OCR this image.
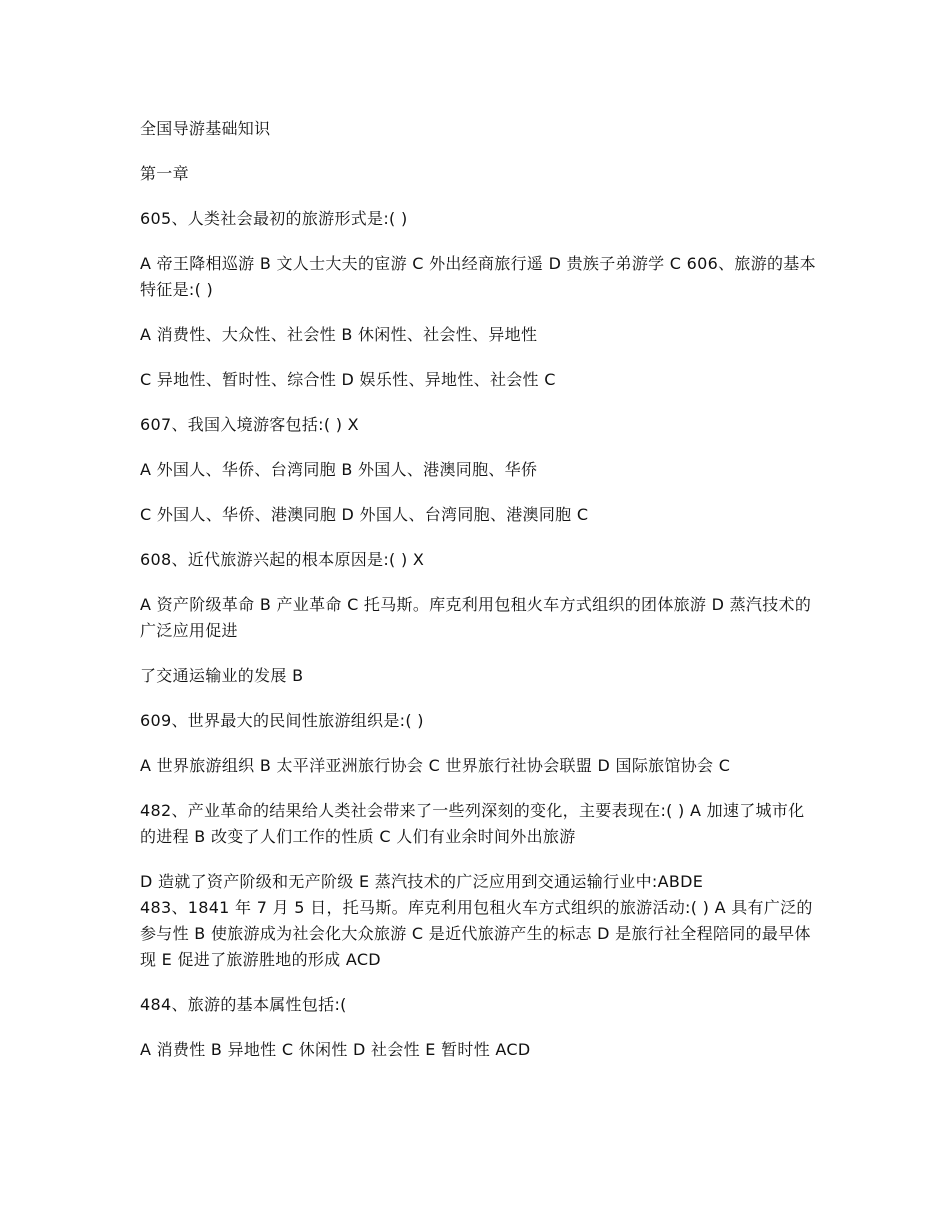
全国导游基础知识

第一章

605、人类社会最初的旅游形式是:( )

A 帝王降相巡游 B 文人士大夫的宦游 C 外出经商旅行遥 D 贵族子弟游学 C 606、旅游的基本特征是:( )

A 消费性、大众性、社会性 B 休闲性、社会性、异地性

C 异地性、暂时性、综合性 D 娱乐性、异地性、社会性 C

607、我国入境游客包括:( ) X

A 外国人、华侨、台湾同胞 B 外国人、港澳同胞、华侨

C 外国人、华侨、港澳同胞 D 外国人、台湾同胞、港澳同胞 C

608、近代旅游兴起的根本原因是:( ) X

A 资产阶级革命 B 产业革命 C 托马斯。库克利用包租火车方式组织的团体旅游 D 蒸汽技术的广泛应用促进

了交通运输业的发展 B

609、世界最大的民间性旅游组织是:( )

A 世界旅游组织 B 太平洋亚洲旅行协会 C 世界旅行社协会联盟 D 国际旅馆协会 C

482、产业革命的结果给人类社会带来了一些列深刻的变化，主要表现在:( ) A 加速了城市化的进程 B 改变了人们工作的性质 C 人们有业余时间外出旅游

D 造就了资产阶级和无产阶级 E 蒸汽技术的广泛应用到交通运输行业中:ABDE

483、1841 年 7 月 5 日，托马斯。库克利用包租火车方式组织的旅游活动:( ) A 具有广泛的参与性 B 使旅游成为社会化大众旅游 C 是近代旅游产生的标志 D 是旅行社全程陪同的最早体现 E 促进了旅游胜地的形成 ACD

484、旅游的基本属性包括:(

A 消费性 B 异地性 C 休闲性 D 社会性 E 暂时性 ACD
